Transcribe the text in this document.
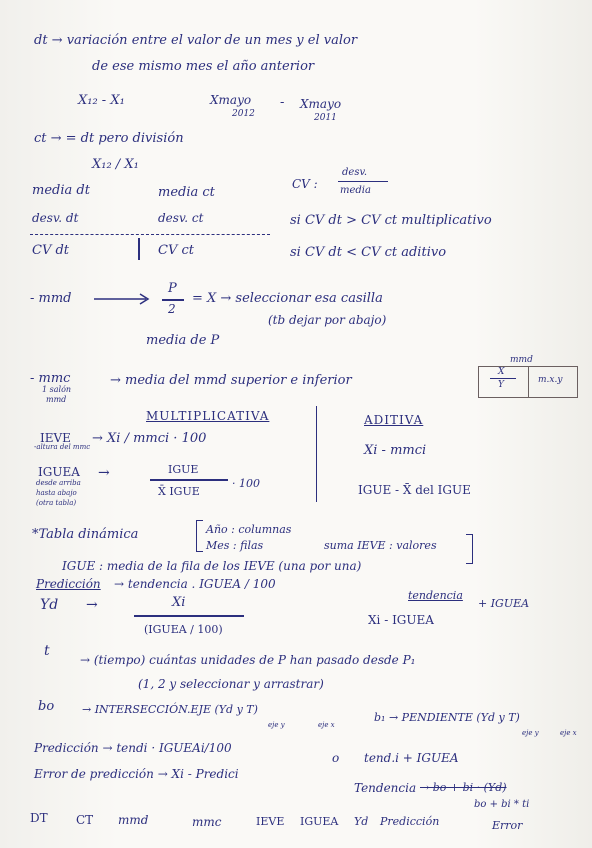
dt → variación entre el valor de un mes y el valor
de ese mismo mes el año anterior
X₁₂ - X₁	Xmayo
2012
- Xmayo
2011
ct → = dt pero división
X₁₂ / X₁
media dt	media ct
CV :
desv.
media
desv. dt	desv. ct	si CV dt > CV ct multiplicativo
CV dt	CV ct	si CV dt < CV ct aditivo
- mmd
P
2
= X → seleccionar esa casilla
(tb dejar por abajo)
media de P
- mmc
1 salón
mmd
→ media del mmd superior e inferior
mmd
X
Y	m.x.y
MULTIPLICATIVA	ADITIVA
IEVE
-altura del mmc
→ Xi / mmci · 100
Xi - mmci
IGUEA
desde arriba
hasta abajo
(otra tabla)
→	IGUE
X̄ IGUE
· 100	IGUE - X̄ del IGUE
*Tabla dinámica	Año : columnas
Mes : filas	suma IEVE : valores
IGUE : media de la fila de los IEVE (una por una)
Predicción → tendencia . IGUEA / 100
tendencia
+ IGUEA
Yd →	Xi
(IGUEA / 100)
Xi - IGUEA
t
→ (tiempo) cuántas unidades de P han pasado desde P₁
(1, 2 y seleccionar y arrastrar)
bo	→ INTERSECCIÓN.EJE (Yd y T)
eje y	eje x
b₁ → PENDIENTE (Yd y T)
eje y	eje x
Predicción → tendi · IGUEAi/100
o tend.i + IGUEA
Error de predicción → Xi - Predici
Tendencia → bo + bi · (Yd)
bo + bi * ti
DT CT mmd	mmc	IEVE IGUEA Yd Predicción	Error
